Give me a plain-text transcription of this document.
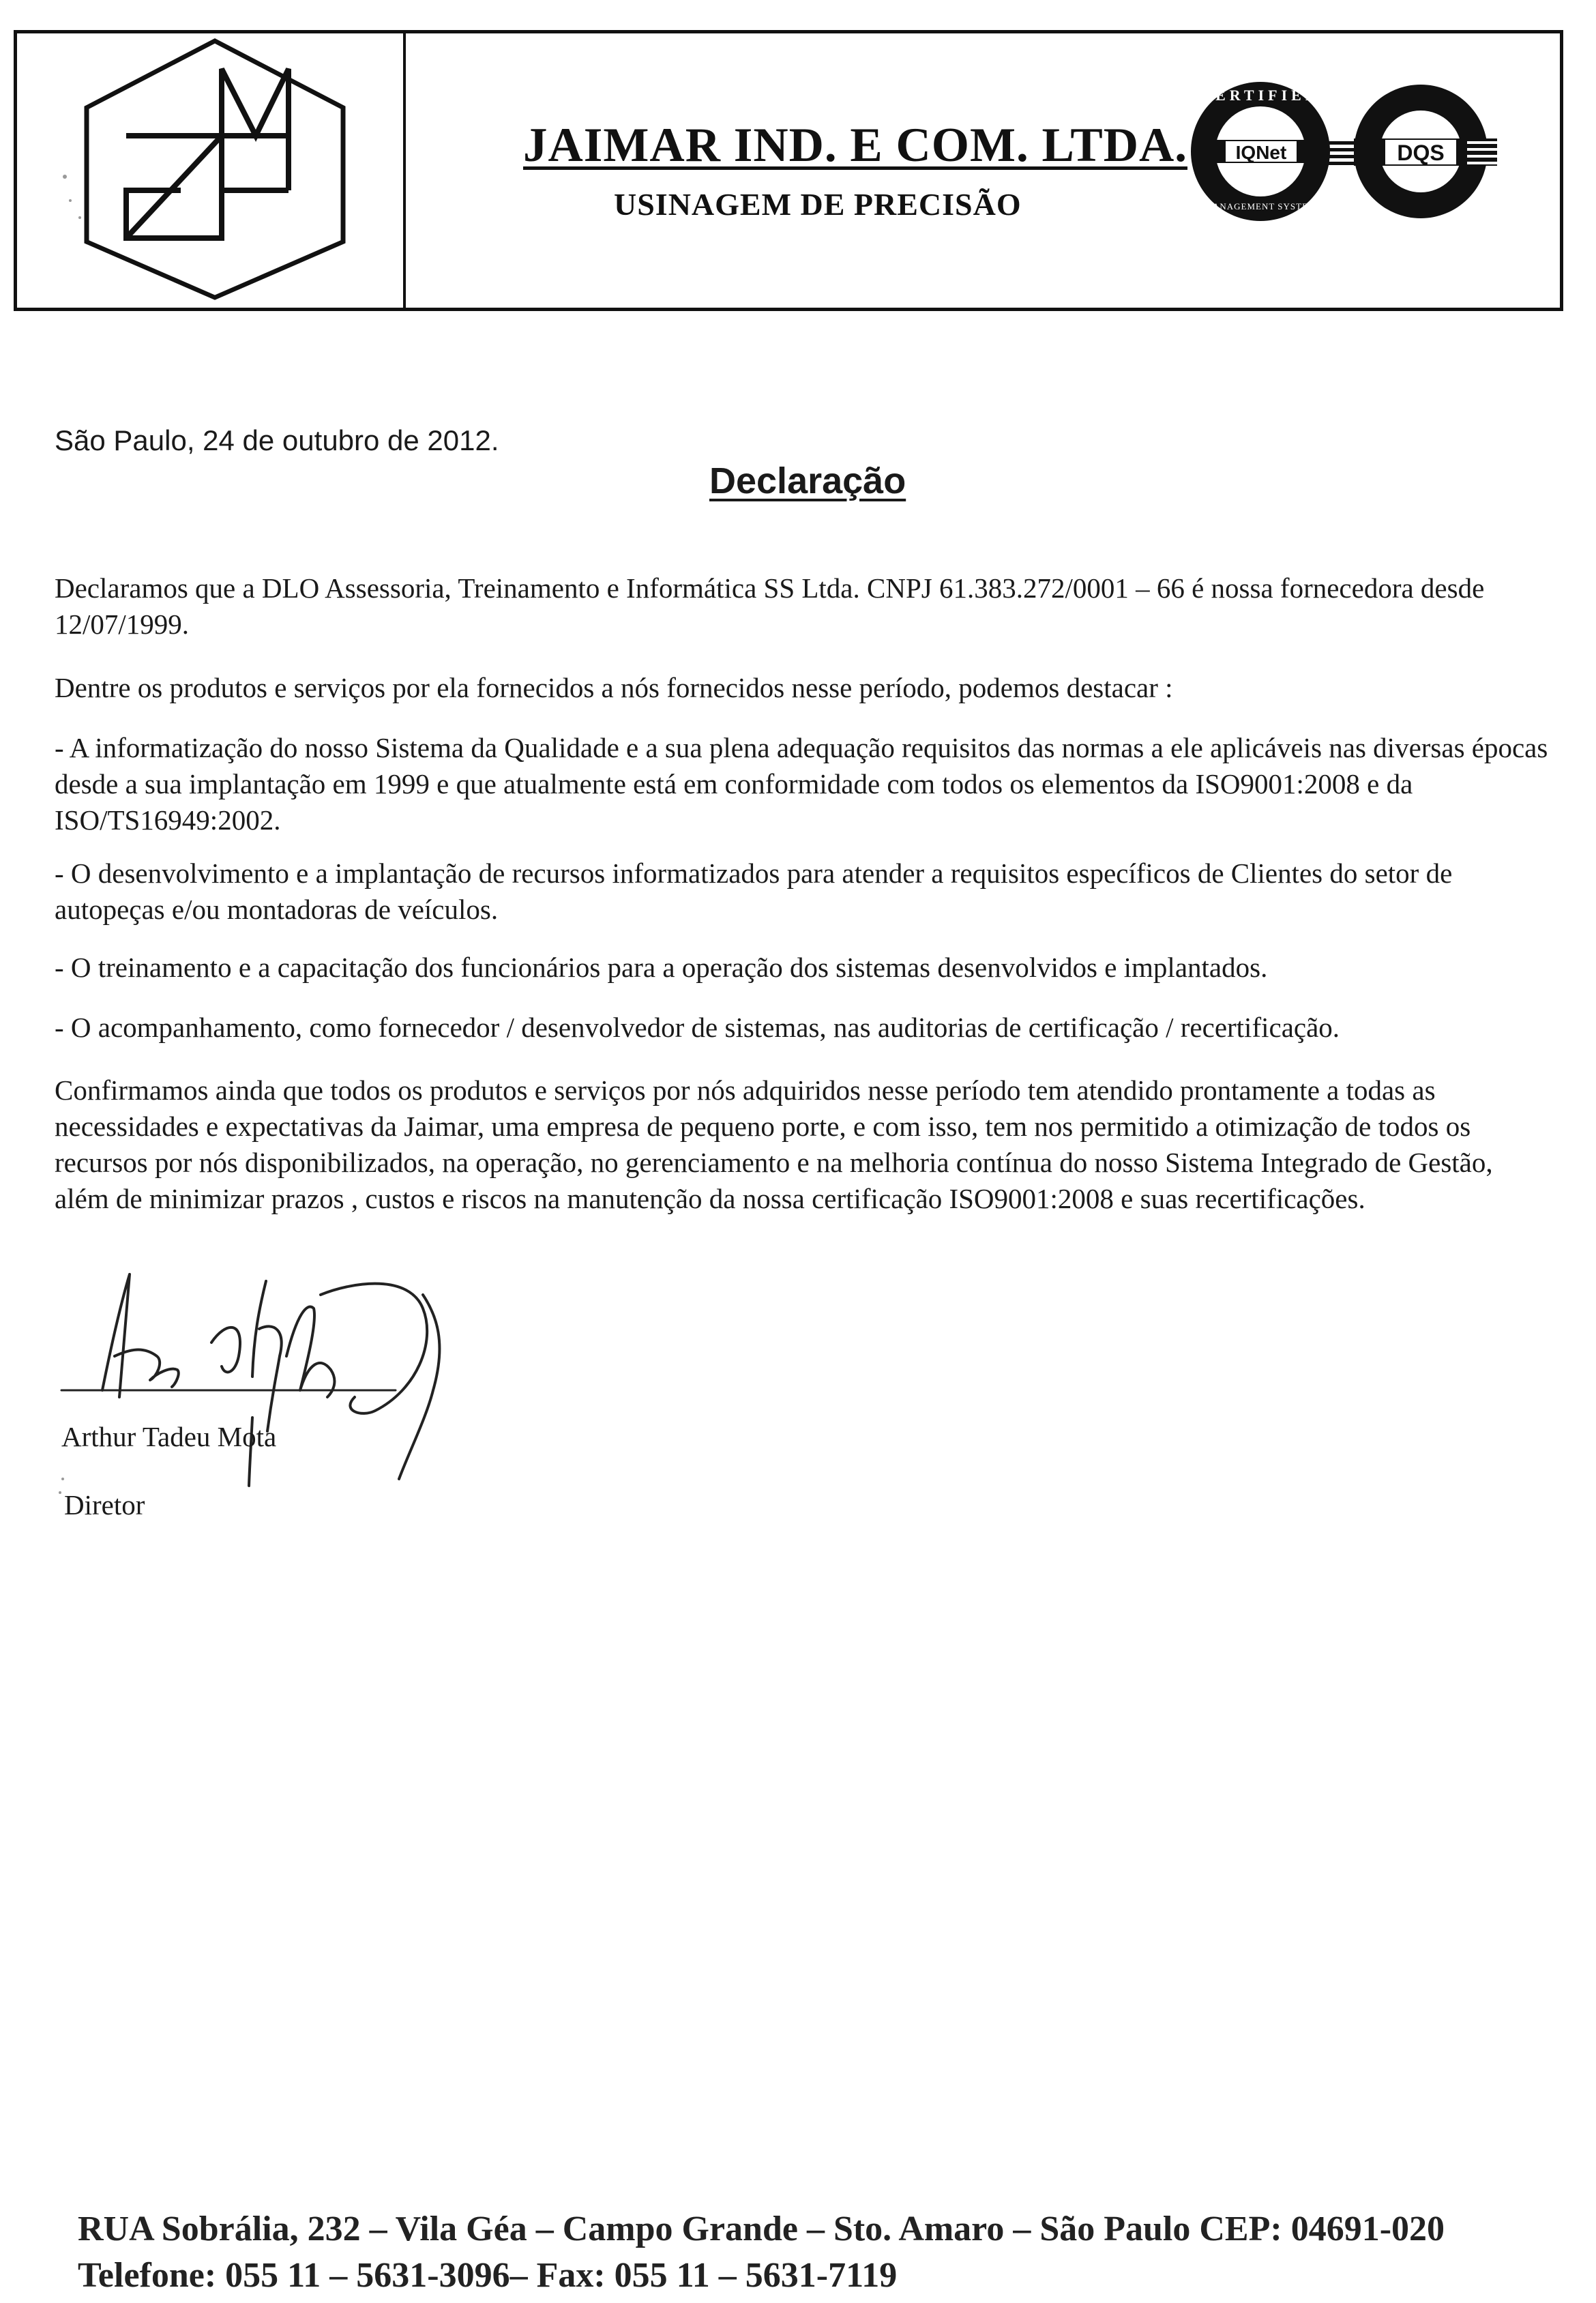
JAIMAR IND. E COM. LTDA.
USINAGEM DE PRECISÃO
IQNet
CERTIFIED
MANAGEMENT SYSTEM
DQS
São Paulo, 24 de outubro de 2012.
Declaração
Declaramos que a DLO Assessoria, Treinamento e Informática SS Ltda. CNPJ 61.383.272/0001 – 66 é nossa fornecedora desde
12/07/1999.
Dentre os produtos e serviços por ela fornecidos a nós fornecidos nesse período, podemos destacar :
- A informatização do nosso Sistema da Qualidade e a sua plena adequação requisitos das normas a ele aplicáveis nas diversas épocas
desde a sua implantação em 1999 e que atualmente está em conformidade com todos os elementos da ISO9001:2008 e da
ISO/TS16949:2002.
- O desenvolvimento e a implantação de recursos informatizados para atender a requisitos específicos de Clientes do setor de
autopeças e/ou montadoras de veículos.
- O treinamento e a capacitação dos funcionários para a operação dos sistemas desenvolvidos e implantados.
- O acompanhamento, como fornecedor / desenvolvedor de sistemas, nas auditorias de certificação / recertificação.
Confirmamos ainda que todos os produtos e serviços por nós adquiridos nesse período tem atendido prontamente a todas as
necessidades e expectativas da Jaimar, uma empresa de pequeno porte, e com isso, tem nos permitido a otimização de todos os
recursos por nós disponibilizados, na operação, no gerenciamento e na melhoria contínua do nosso Sistema Integrado de Gestão,
além de minimizar prazos , custos e riscos na manutenção da nossa certificação ISO9001:2008 e suas recertificações.
Arthur Tadeu Mota
Diretor
RUA Sobrália, 232 – Vila Géa – Campo Grande – Sto. Amaro – São Paulo CEP: 04691-020
Telefone: 055 11 – 5631-3096– Fax: 055 11 – 5631-7119
